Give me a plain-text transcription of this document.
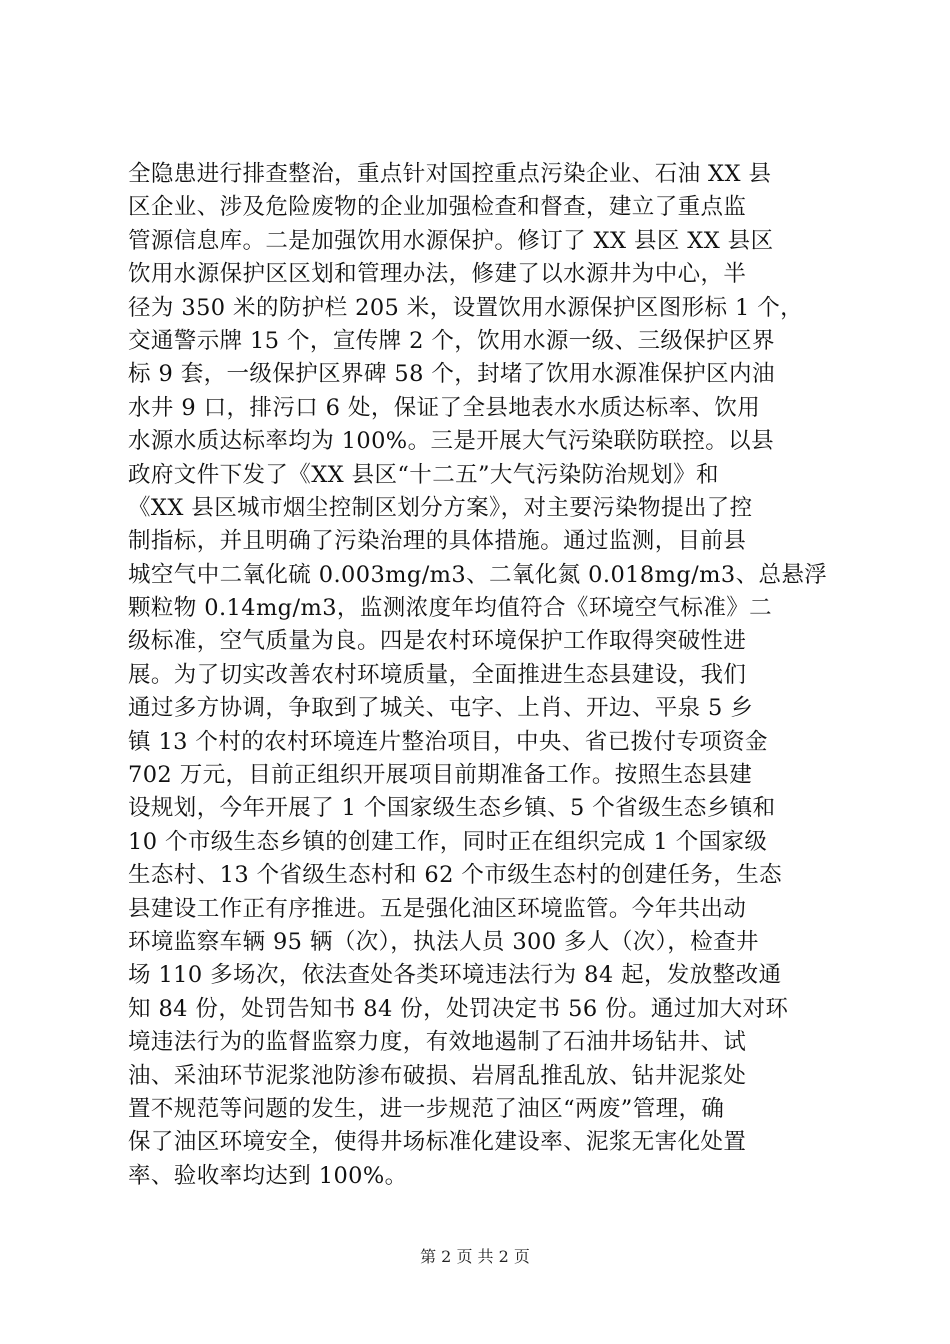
全隐患进行排查整治，重点针对国控重点污染企业、石油 XX 县
区企业、涉及危险废物的企业加强检查和督查，建立了重点监
管源信息库。二是加强饮用水源保护。修订了 XX 县区 XX 县区
饮用水源保护区区划和管理办法，修建了以水源井为中心，半
径为 350 米的防护栏 205 米，设置饮用水源保护区图形标 1 个，
交通警示牌 15 个，宣传牌 2 个，饮用水源一级、三级保护区界
标 9 套，一级保护区界碑 58 个，封堵了饮用水源准保护区内油
水井 9 口，排污口 6 处，保证了全县地表水水质达标率、饮用
水源水质达标率均为 100%。三是开展大气污染联防联控。以县
政府文件下发了《XX 县区“十二五”大气污染防治规划》和
《XX 县区城市烟尘控制区划分方案》，对主要污染物提出了控
制指标，并且明确了污染治理的具体措施。通过监测，目前县
城空气中二氧化硫 0.003mg/m3、二氧化氮 0.018mg/m3、总悬浮
颗粒物 0.14mg/m3，监测浓度年均值符合《环境空气标准》二
级标准，空气质量为良。四是农村环境保护工作取得突破性进
展。为了切实改善农村环境质量，全面推进生态县建设，我们
通过多方协调，争取到了城关、屯字、上肖、开边、平泉 5 乡
镇 13 个村的农村环境连片整治项目，中央、省已拨付专项资金
702 万元，目前正组织开展项目前期准备工作。按照生态县建
设规划，今年开展了 1 个国家级生态乡镇、5 个省级生态乡镇和
10 个市级生态乡镇的创建工作，同时正在组织完成 1 个国家级
生态村、13 个省级生态村和 62 个市级生态村的创建任务，生态
县建设工作正有序推进。五是强化油区环境监管。今年共出动
环境监察车辆 95 辆（次），执法人员 300 多人（次），检查井
场 110 多场次，依法查处各类环境违法行为 84 起，发放整改通
知 84 份，处罚告知书 84 份，处罚决定书 56 份。通过加大对环
境违法行为的监督监察力度，有效地遏制了石油井场钻井、试
油、采油环节泥浆池防渗布破损、岩屑乱推乱放、钻井泥浆处
置不规范等问题的发生，进一步规范了油区“两废”管理，确
保了油区环境安全，使得井场标准化建设率、泥浆无害化处置
率、验收率均达到 100%。
第 2 页 共 2 页
